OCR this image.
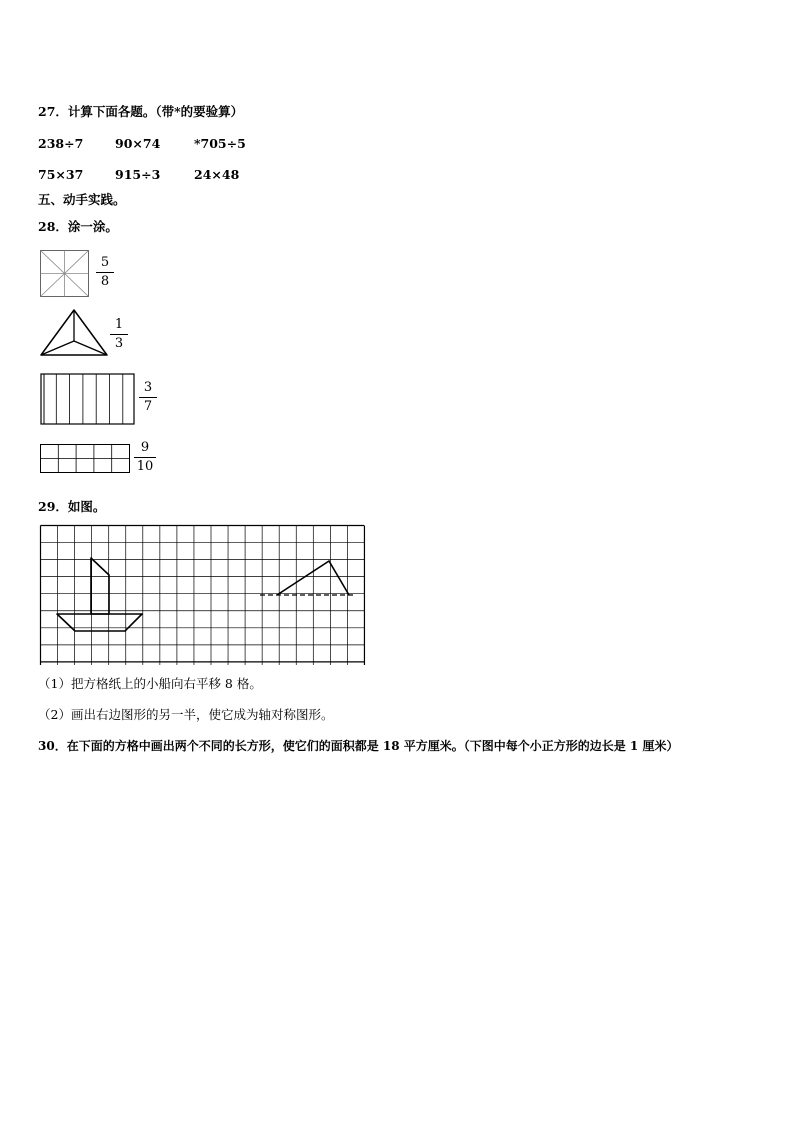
27．计算下面各题。（带*的要验算）
238÷7	90×74	*705÷5
75×37	915÷3	24×48
五、动手实践。
28．涂一涂。
5
8
1
3
3
7
9
10
29．如图。
（1）把方格纸上的小船向右平移 8 格。
（2）画出右边图形的另一半，使它成为轴对称图形。
30．在下面的方格中画出两个不同的长方形，使它们的面积都是 18 平方厘米。（下图中每个小正方形的边长是 1 厘米）
